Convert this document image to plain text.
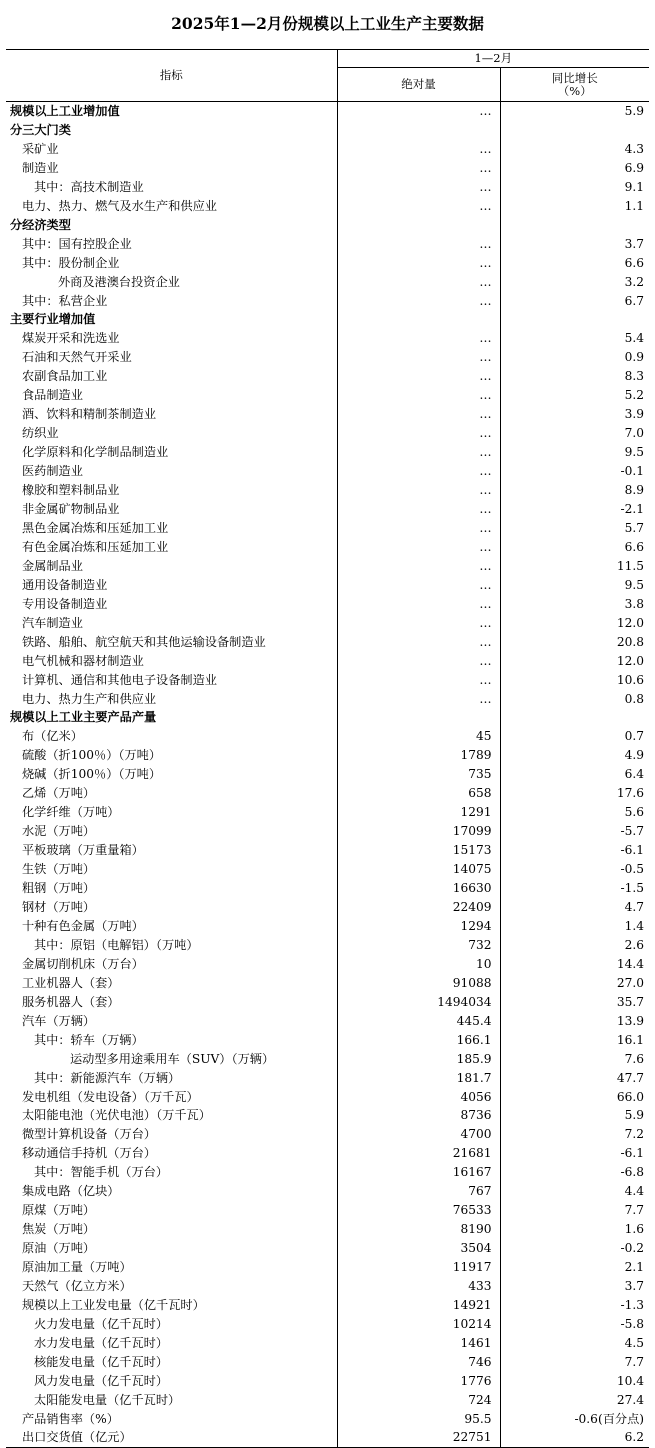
2025年1—2月份规模以上工业生产主要数据
指标	1—2月	
	绝对量	同比增长
（%）

规模以上工业增加值	…	5.9
分三大门类		
采矿业	…	4.3
制造业	…	6.9
其中：高技术制造业	…	9.1
电力、热力、燃气及水生产和供应业	…	1.1
分经济类型		
其中：国有控股企业	…	3.7
其中：股份制企业	…	6.6
外商及港澳台投资企业	…	3.2
其中：私营企业	…	6.7
主要行业增加值		
煤炭开采和洗选业	…	5.4
石油和天然气开采业	…	0.9
农副食品加工业	…	8.3
食品制造业	…	5.2
酒、饮料和精制茶制造业	…	3.9
纺织业	…	7.0
化学原料和化学制品制造业	…	9.5
医药制造业	…	-0.1
橡胶和塑料制品业	…	8.9
非金属矿物制品业	…	-2.1
黑色金属冶炼和压延加工业	…	5.7
有色金属冶炼和压延加工业	…	6.6
金属制品业	…	11.5
通用设备制造业	…	9.5
专用设备制造业	…	3.8
汽车制造业	…	12.0
铁路、船舶、航空航天和其他运输设备制造业	…	20.8
电气机械和器材制造业	…	12.0
计算机、通信和其他电子设备制造业	…	10.6
电力、热力生产和供应业	…	0.8
规模以上工业主要产品产量		
布（亿米）	45	0.7
硫酸（折100％）（万吨）	1789	4.9
烧碱（折100％）（万吨）	735	6.4
乙烯（万吨）	658	17.6
化学纤维（万吨）	1291	5.6
水泥（万吨）	17099	-5.7
平板玻璃（万重量箱）	15173	-6.1
生铁（万吨）	14075	-0.5
粗钢（万吨）	16630	-1.5
钢材（万吨）	22409	4.7
十种有色金属（万吨）	1294	1.4
其中：原铝（电解铝）（万吨）	732	2.6
金属切削机床（万台）	10	14.4
工业机器人（套）	91088	27.0
服务机器人（套）	1494034	35.7
汽车（万辆）	445.4	13.9
其中：轿车（万辆）	166.1	16.1
运动型多用途乘用车（SUV）（万辆）	185.9	7.6
其中：新能源汽车（万辆）	181.7	47.7
发电机组（发电设备）（万千瓦）	4056	66.0
太阳能电池（光伏电池）（万千瓦）	8736	5.9
微型计算机设备（万台）	4700	7.2
移动通信手持机（万台）	21681	-6.1
其中：智能手机（万台）	16167	-6.8
集成电路（亿块）	767	4.4
原煤（万吨）	76533	7.7
焦炭（万吨）	8190	1.6
原油（万吨）	3504	-0.2
原油加工量（万吨）	11917	2.1
天然气（亿立方米）	433	3.7
规模以上工业发电量（亿千瓦时）	14921	-1.3
火力发电量（亿千瓦时）	10214	-5.8
水力发电量（亿千瓦时）	1461	4.5
核能发电量（亿千瓦时）	746	7.7
风力发电量（亿千瓦时）	1776	10.4
太阳能发电量（亿千瓦时）	724	27.4
产品销售率（%）	95.5	-0.6(百分点)
出口交货值（亿元）	22751	6.2
